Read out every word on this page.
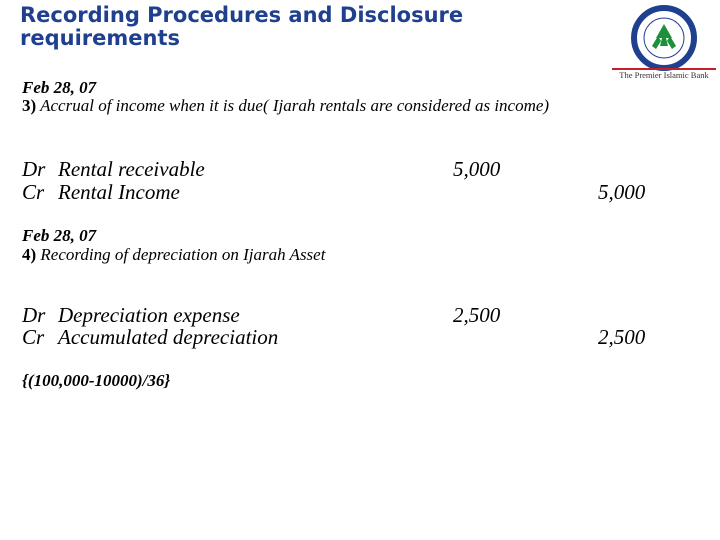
Recording Procedures and Disclosure requirements
The Premier Islamic Bank
Feb 28, 07
3) Accrual of income when it is due( Ijarah rentals are considered as income)
Dr Rental receivable	5,000
Cr Rental Income	5,000
Feb 28, 07
4) Recording of depreciation on Ijarah Asset
Dr Depreciation expense	2,500
Cr Accumulated depreciation	2,500
{(100,000-10000)/36}
